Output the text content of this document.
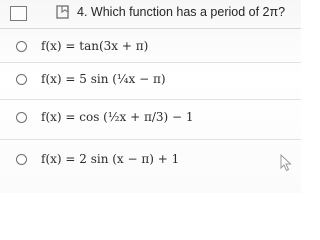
4. Which function has a period of 2π?
f(x) = tan(3x + π)
f(x) = 5 sin (¼x − π)
f(x) = cos (½x + π/3) − 1
f(x) = 2 sin (x − π) + 1
